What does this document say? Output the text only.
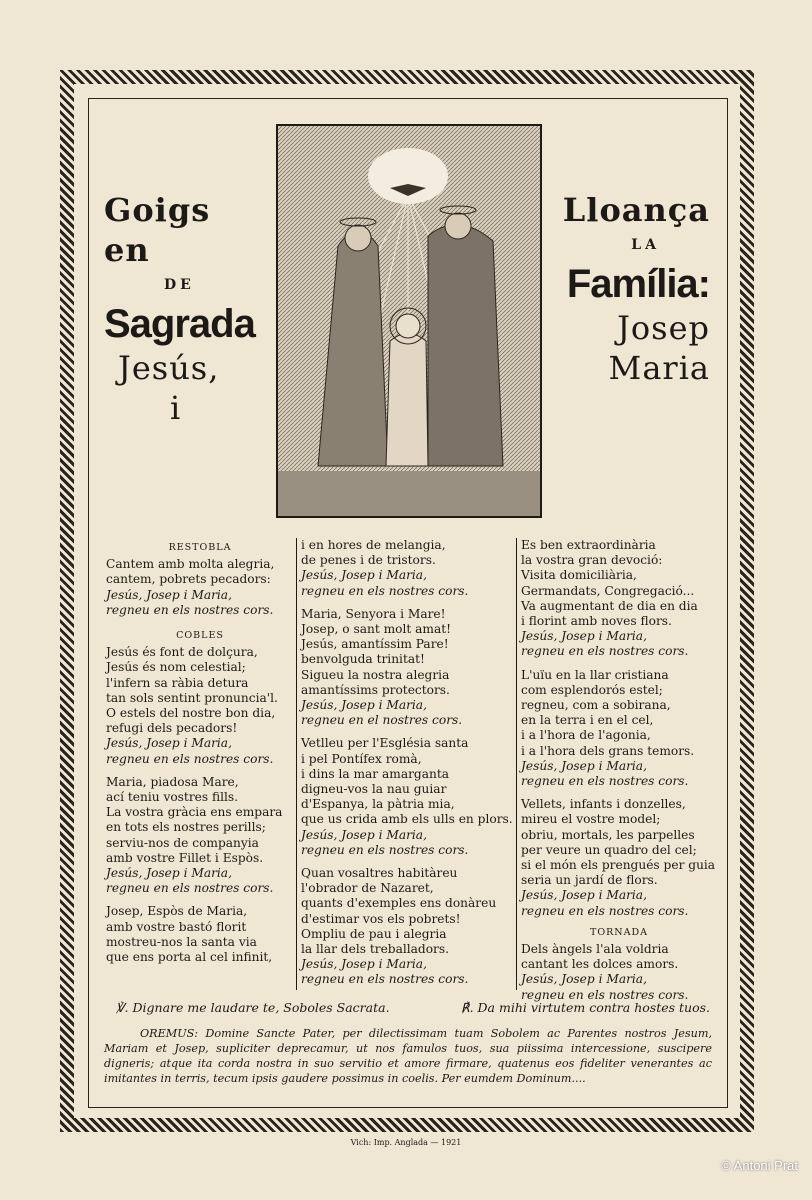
Goigs en
DE
Sagrada
Jesús,
i
Lloança
LA
Família:
Josep
Maria
RESTOBLA
Cantem amb molta alegria,
cantem, pobrets pecadors:
Jesús, Josep i Maria,
regneu en els nostres cors.
COBLES
Jesús és font de dolçura,
Jesús és nom celestial;
l'infern sa ràbia detura
tan sols sentint pronuncia'l.
O estels del nostre bon dia,
refugi dels pecadors!
Jesús, Josep i Maria,
regneu en els nostres cors.
Maria, piadosa Mare,
ací teniu vostres fills.
La vostra gràcia ens empara
en tots els nostres perills;
serviu-nos de companyia
amb vostre Fillet i Espòs.
Jesús, Josep i Maria,
regneu en els nostres cors.
Josep, Espòs de Maria,
amb vostre bastó florit
mostreu-nos la santa via
que ens porta al cel infinit,
i en hores de melangia,
de penes i de tristors.
Jesús, Josep i Maria,
regneu en els nostres cors.
Maria, Senyora i Mare!
Josep, o sant molt amat!
Jesús, amantíssim Pare!
benvolguda trinitat!
Sigueu la nostra alegria
amantíssims protectors.
Jesús, Josep i Maria,
regneu en el nostres cors.
Vetlleu per l'Església santa
i pel Pontífex romà,
i dins la mar amarganta
digneu-vos la nau guiar
d'Espanya, la pàtria mia,
que us crida amb els ulls en plors.
Jesús, Josep i Maria,
regneu en els nostres cors.
Quan vosaltres habitàreu
l'obrador de Nazaret,
quants d'exemples ens donàreu
d'estimar vos els pobrets!
Ompliu de pau i alegria
la llar dels treballadors.
Jesús, Josep i Maria,
regneu en els nostres cors.
Es ben extraordinària
la vostra gran devoció:
Visita domiciliària,
Germandats, Congregació...
Va augmentant de dia en dia
i florint amb noves flors.
Jesús, Josep i Maria,
regneu en els nostres cors.
L'uïu en la llar cristiana
com esplendorós estel;
regneu, com a sobirana,
en la terra i en el cel,
i a l'hora de l'agonia,
i a l'hora dels grans temors.
Jesús, Josep i Maria,
regneu en els nostres cors.
Vellets, infants i donzelles,
mireu el vostre model;
obriu, mortals, les parpelles
per veure un quadro del cel;
si el món els prengués per guia
seria un jardí de flors.
Jesús, Josep i Maria,
regneu en els nostres cors.
TORNADA
Dels àngels l'ala voldria
cantant les dolces amors.
Jesús, Josep i Maria,
regneu en els nostres cors.
℣. Dignare me laudare te, Soboles Sacrata.	℟. Da mihi virtutem contra hostes tuos.
OREMUS: Domine Sancte Pater, per dilectissimam tuam Sobolem ac Parentes nostros Jesum, Mariam et Josep, supliciter deprecamur, ut nos famulos tuos, sua piissima intercessione, suscipere digneris; atque ita corda nostra in suo servitio et amore firmare, quatenus eos fideliter venerantes ac imitantes in terris, tecum ipsis gaudere possimus in coelis. Per eumdem Dominum....
Vich: Imp. Anglada — 1921
© Antoni Prat
